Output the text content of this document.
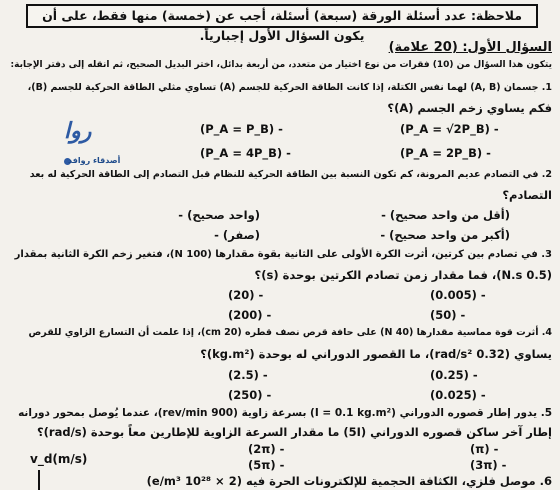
ملاحظة: عدد أسئلة الورقة (سبعة) أسئلة، أجب عن (خمسة) منها فقط، على أن يكون السؤال الأول إجبارياً.
السؤال الأول: (20 علامة)
يتكون هذا السؤال من (10) فقرات من نوع اختيار من متعدد، من أربعة بدائل، اختر البديل الصحيح، ثم انقله إلى دفتر الإجابة:
1. جسمان (A, B) لهما نفس الكتلة، إذا كانت الطاقة الحركية للجسم (A) تساوي مثلي الطاقة الحركية للجسم (B)،
فكم يساوي زخم الجسم (A)؟
(P_A = √2P_B) -
(P_A = P_B) -
(P_A = 2P_B) -
(P_A = 4P_B) -
روا
أصدقاء روافد
2. في التصادم عديم المرونة، كم تكون النسبة بين الطاقة الحركية للنظام قبل التصادم إلى الطاقة الحركية له بعد
التصادم؟
(أقل من واحد صحيح) -
(واحد صحيح) -
(أكبر من واحد صحيح) -
(صفر) -
3. في تصادم بين كرتين، أثرت الكرة الأولى على الثانية بقوة مقدارها (100 N)، فتغير زخم الكرة الثانية بمقدار
(0.5 N.s)، فما مقدار زمن تصادم الكرتين بوحدة (s)؟
(0.005) -
(20) -
(50) -
(200) -
4. أثرت قوة مماسية مقدارها (40 N) على حافة قرص نصف قطره (20 cm)، إذا علمت أن التسارع الزاوي للقرص
يساوي (0.32 rad/s²)، ما القصور الدوراني له بوحدة (kg.m²)؟
(0.25) -
(2.5) -
(0.025) -
(250) -
5. يدور إطار قصوره الدوراني (I = 0.1 kg.m²) بسرعة زاوية (900 rev/min)، عندما يُوصل بمحور دورانه
إطار آخر ساكن قصوره الدوراني (5I) ما مقدار السرعة الزاوية للإطارين معاً بوحدة (rad/s)؟
(π) -
(2π) -
(3π) -
(5π) -
6. موصل فلزي، الكثافة الحجمية للإلكترونات الحرة فيه (2 × 10²⁸ e/m³)
v_d(m/s)
